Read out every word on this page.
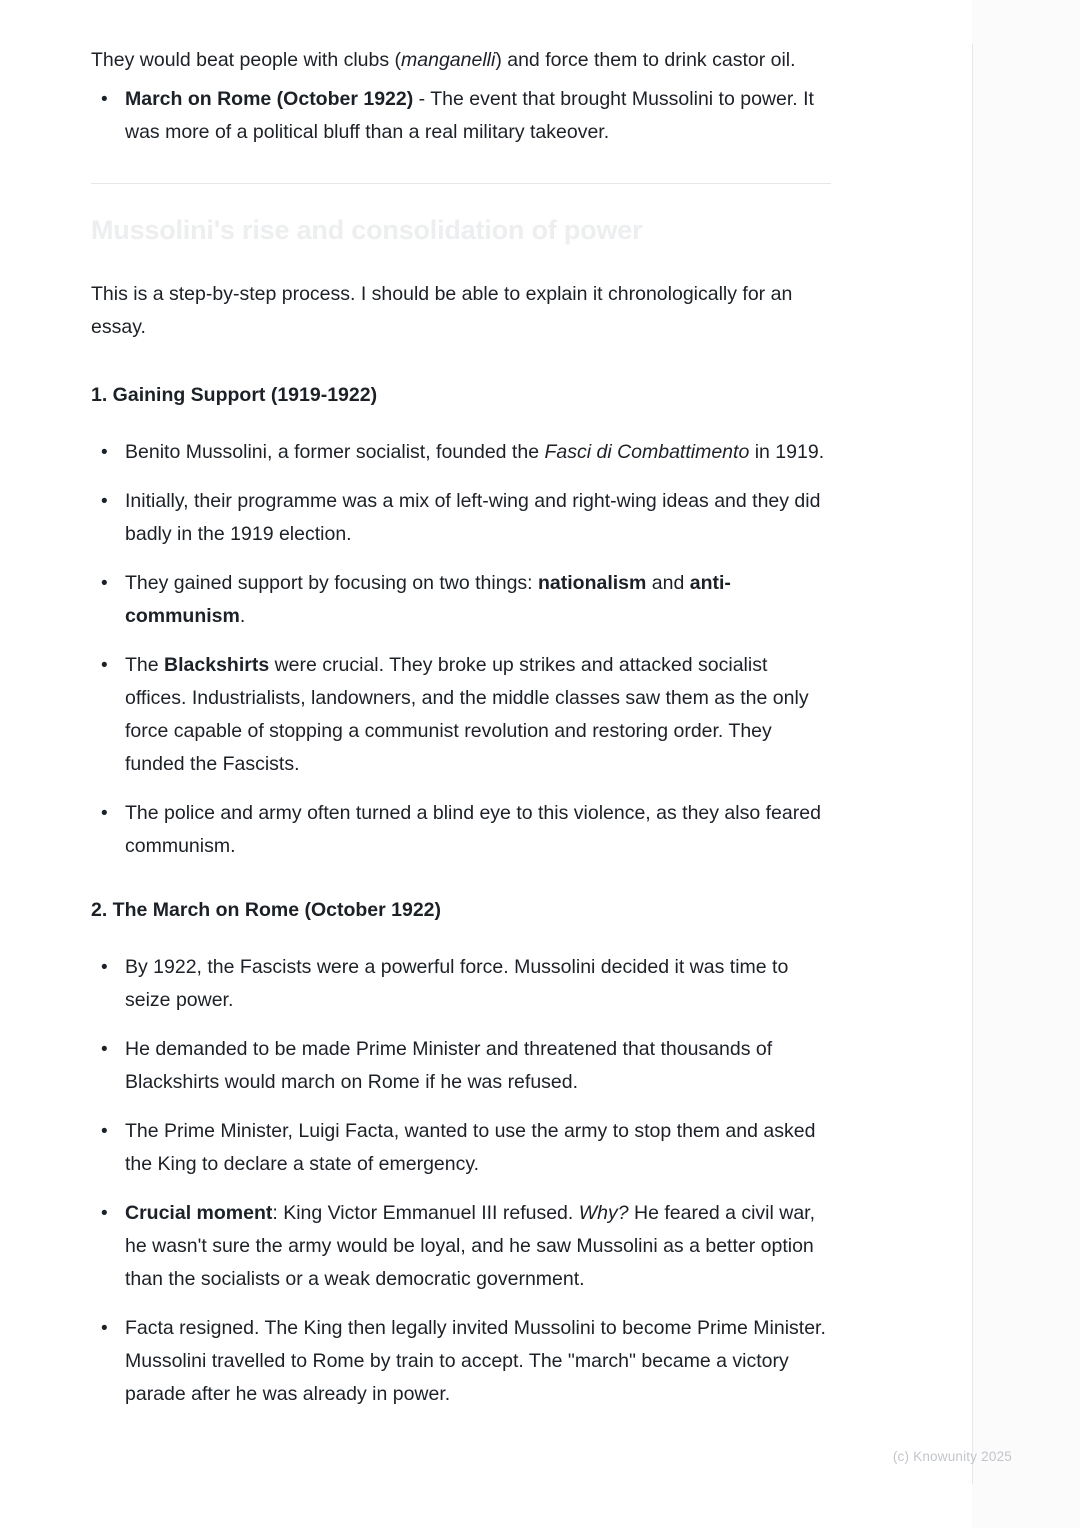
They would beat people with clubs (manganelli) and force them to drink castor oil.

• March on Rome (October 1922) - The event that brought Mussolini to power. It was more of a political bluff than a real military takeover.
Mussolini's rise and consolidation of power

This is a step-by-step process. I should be able to explain it chronologically for an essay.

1. Gaining Support (1919-1922)
• Benito Mussolini, a former socialist, founded the Fasci di Combattimento in 1919.
• Initially, their programme was a mix of left-wing and right-wing ideas and they did badly in the 1919 election.
• They gained support by focusing on two things: nationalism and anti-communism.
• The Blackshirts were crucial. They broke up strikes and attacked socialist offices. Industrialists, landowners, and the middle classes saw them as the only force capable of stopping a communist revolution and restoring order. They funded the Fascists.
• The police and army often turned a blind eye to this violence, as they also feared communism.
2. The March on Rome (October 1922)
• By 1922, the Fascists were a powerful force. Mussolini decided it was time to seize power.
• He demanded to be made Prime Minister and threatened that thousands of Blackshirts would march on Rome if he was refused.
• The Prime Minister, Luigi Facta, wanted to use the army to stop them and asked the King to declare a state of emergency.
• Crucial moment: King Victor Emmanuel III refused. Why? He feared a civil war, he wasn't sure the army would be loyal, and he saw Mussolini as a better option than the socialists or a weak democratic government.
• Facta resigned. The King then legally invited Mussolini to become Prime Minister. Mussolini travelled to Rome by train to accept. The "march" became a victory parade after he was already in power.
(c) Knowunity 2025
